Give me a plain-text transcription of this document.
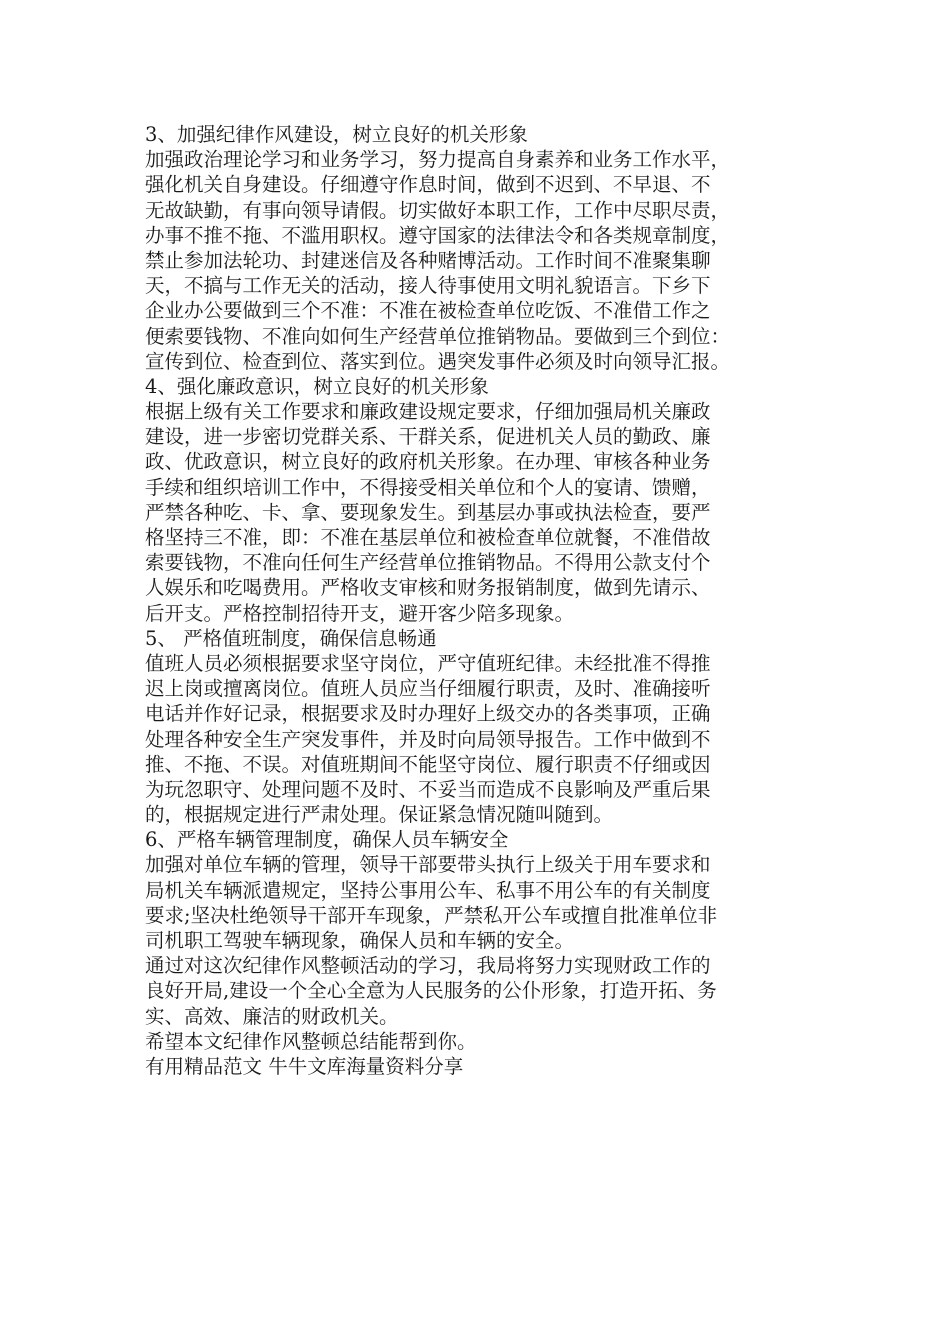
3、加强纪律作风建设，树立良好的机关形象
加强政治理论学习和业务学习，努力提高自身素养和业务工作水平，
强化机关自身建设。仔细遵守作息时间，做到不迟到、不早退、不
无故缺勤，有事向领导请假。切实做好本职工作，工作中尽职尽责，
办事不推不拖、不滥用职权。遵守国家的法律法令和各类规章制度，
禁止参加法轮功、封建迷信及各种赌博活动。工作时间不准聚集聊
天，不搞与工作无关的活动，接人待事使用文明礼貌语言。下乡下
企业办公要做到三个不准：不准在被检查单位吃饭、不准借工作之
便索要钱物、不准向如何生产经营单位推销物品。要做到三个到位：
宣传到位、检查到位、落实到位。遇突发事件必须及时向领导汇报。
4、强化廉政意识，树立良好的机关形象
根据上级有关工作要求和廉政建设规定要求，仔细加强局机关廉政
建设，进一步密切党群关系、干群关系，促进机关人员的勤政、廉
政、优政意识，树立良好的政府机关形象。在办理、审核各种业务
手续和组织培训工作中，不得接受相关单位和个人的宴请、馈赠，
严禁各种吃、卡、拿、要现象发生。到基层办事或执法检查，要严
格坚持三不准，即：不准在基层单位和被检查单位就餐，不准借故
索要钱物，不准向任何生产经营单位推销物品。不得用公款支付个
人娱乐和吃喝费用。严格收支审核和财务报销制度，做到先请示、
后开支。严格控制招待开支，避开客少陪多现象。
5、 严格值班制度，确保信息畅通
值班人员必须根据要求坚守岗位，严守值班纪律。未经批准不得推
迟上岗或擅离岗位。值班人员应当仔细履行职责，及时、准确接听
电话并作好记录，根据要求及时办理好上级交办的各类事项，正确
处理各种安全生产突发事件，并及时向局领导报告。工作中做到不
推、不拖、不误。对值班期间不能坚守岗位、履行职责不仔细或因
为玩忽职守、处理问题不及时、不妥当而造成不良影响及严重后果
的，根据规定进行严肃处理。保证紧急情况随叫随到。
6、严格车辆管理制度，确保人员车辆安全
加强对单位车辆的管理，领导干部要带头执行上级关于用车要求和
局机关车辆派遣规定，坚持公事用公车、私事不用公车的有关制度
要求;坚决杜绝领导干部开车现象，严禁私开公车或擅自批准单位非
司机职工驾驶车辆现象，确保人员和车辆的安全。
通过对这次纪律作风整顿活动的学习，我局将努力实现财政工作的
良好开局,建设一个全心全意为人民服务的公仆形象，打造开拓、务
实、高效、廉洁的财政机关。
希望本文纪律作风整顿总结能帮到你。
有用精品范文 牛牛文库海量资料分享
